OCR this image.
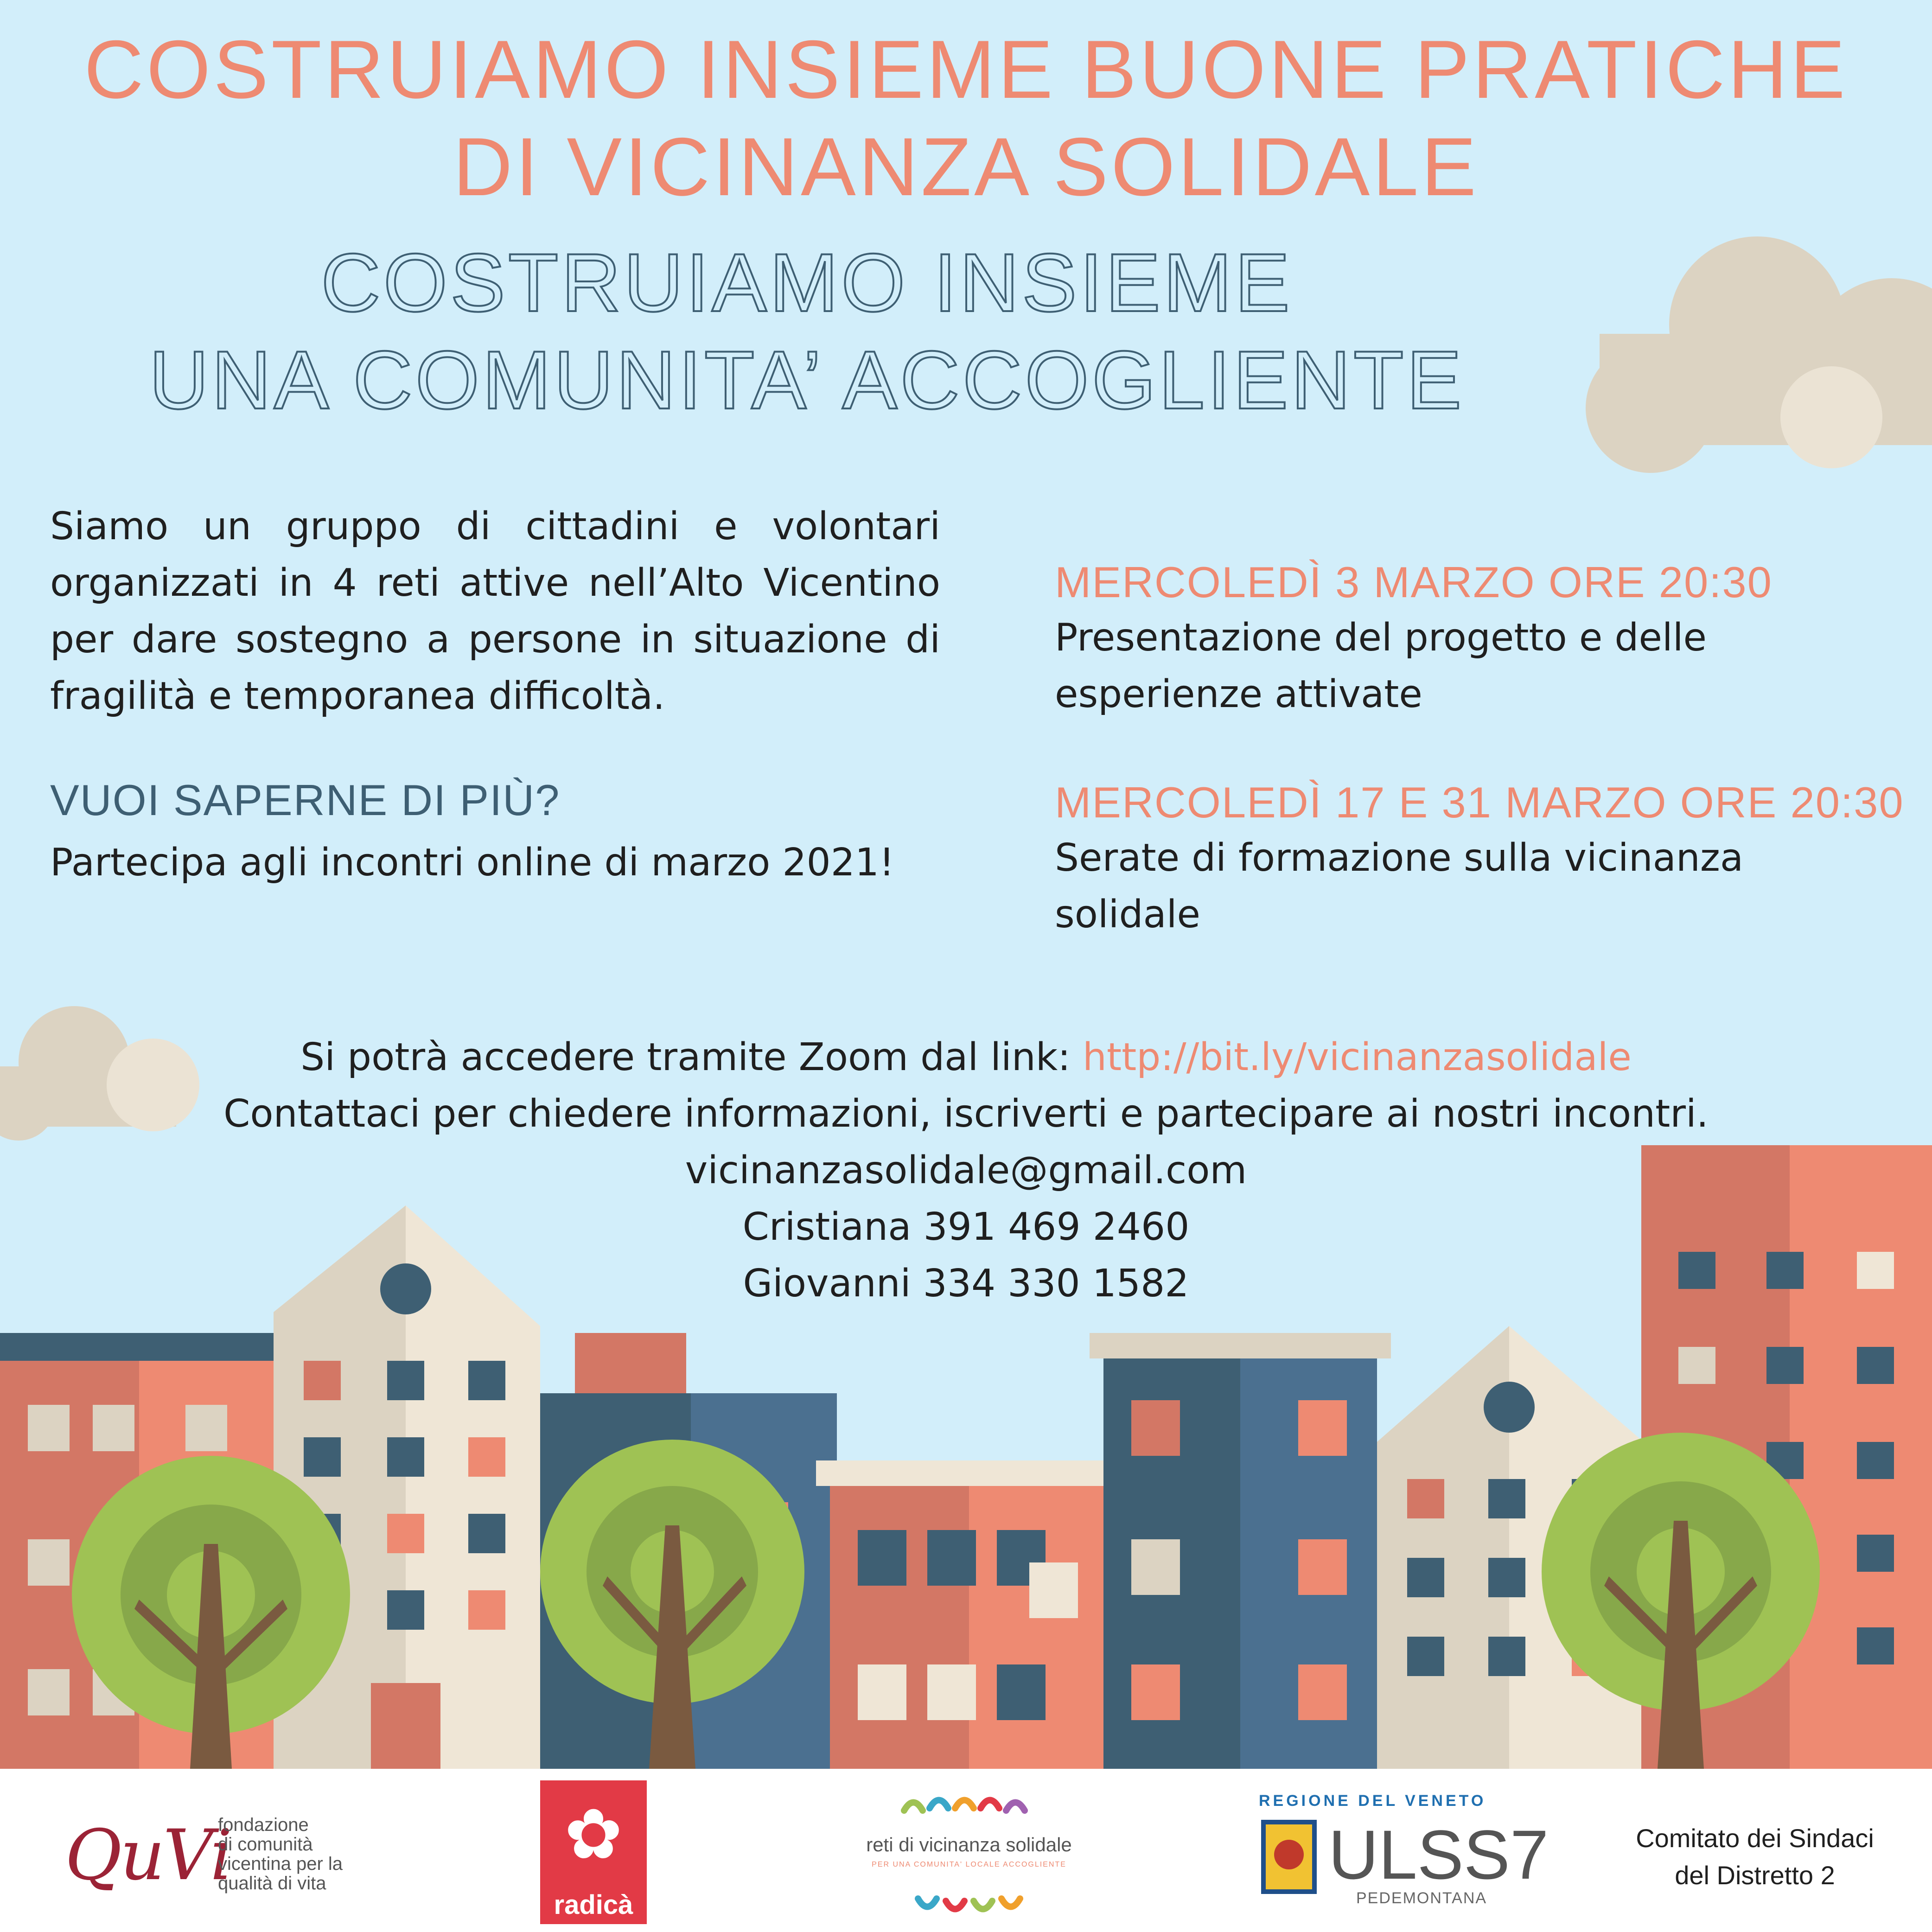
COSTRUIAMO INSIEME BUONE PRATICHE
DI VICINANZA SOLIDALE
COSTRUIAMO INSIEME
UNA COMUNITA’ ACCOGLIENTE

Siamo un gruppo di cittadini e volontari organizzati in 4 reti attive nell’Alto Vicentino per dare sostegno a persone in situazione di fragilità e temporanea difficoltà.

VUOI SAPERNE DI PIÙ?

Partecipa agli incontri online di marzo 2021!

MERCOLEDÌ 3 MARZO ORE 20:30

Presentazione del progetto e delle esperienze attivate

MERCOLEDÌ 17 E 31 MARZO ORE 20:30

Serate di formazione sulla vicinanza solidale

Si potrà accedere tramite Zoom dal link: http://bit.ly/vicinanzasolidale
Contattaci per chiedere informazioni, iscriverti e partecipare ai nostri incontri.
vicinanzasolidale@gmail.com
Cristiana 391 469 2460
Giovanni 334 330 1582
QuVi
fondazione
di comunità
vicentina per la
qualità di vita
✿
radicà
reti di vicinanza solidale
PER UNA COMUNITA' LOCALE ACCOGLIENTE
REGIONE DEL VENETO
ULSS7
PEDEMONTANA
Comitato dei Sindaci
del Distretto 2
